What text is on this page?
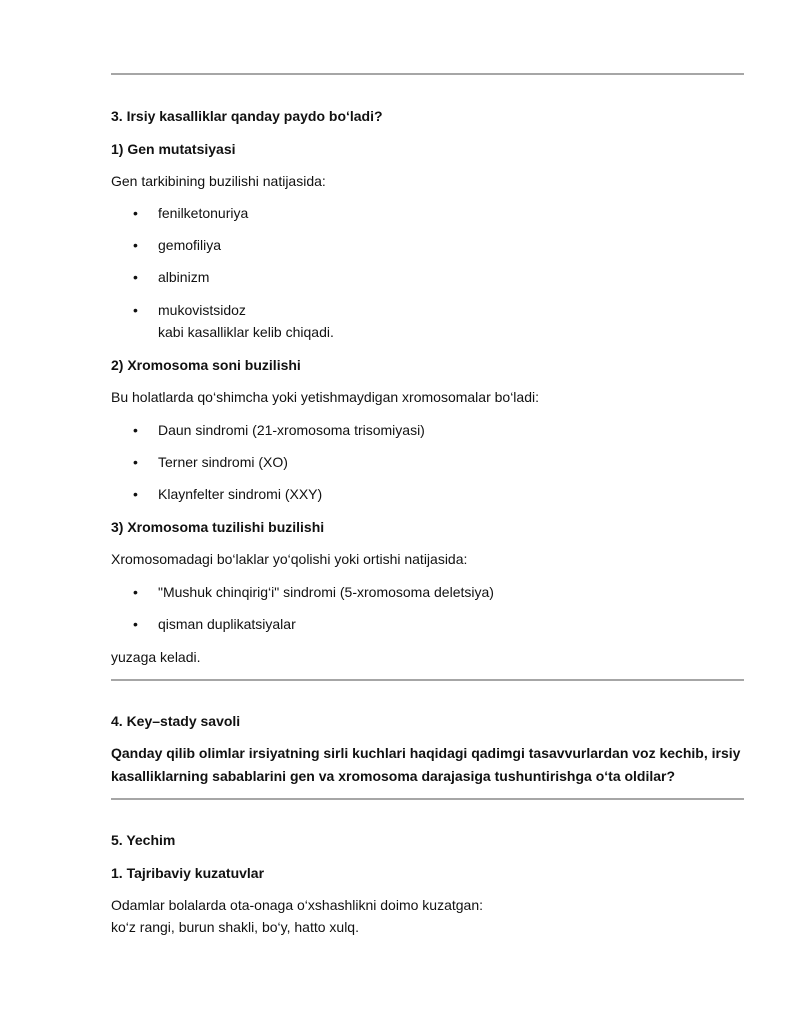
3. Irsiy kasalliklar qanday paydo bo‘ladi?
1) Gen mutatsiyasi
Gen tarkibining buzilishi natijasida:
• fenilketonuriya
• gemofiliya
• albinizm
• mukovistsidoz
kabi kasalliklar kelib chiqadi.
2) Xromosoma soni buzilishi
Bu holatlarda qo‘shimcha yoki yetishmaydigan xromosomalar bo‘ladi:
• Daun sindromi (21-xromosoma trisomiyasi)
• Terner sindromi (XO)
• Klaynfelter sindromi (XXY)
3) Xromosoma tuzilishi buzilishi
Xromosomadagi bo‘laklar yo‘qolishi yoki ortishi natijasida:
• "Mushuk chinqirig‘i" sindromi (5-xromosoma deletsiya)
• qisman duplikatsiyalar
yuzaga keladi.
4. Key–stady savoli
Qanday qilib olimlar irsiyatning sirli kuchlari haqidagi qadimgi tasavvurlardan voz kechib, irsiy kasalliklarning sabablarini gen va xromosoma darajasiga tushuntirishga o‘ta oldilar?
5. Yechim
1. Tajribaviy kuzatuvlar
Odamlar bolalarda ota-onaga o‘xshashlikni doimo kuzatgan:
ko‘z rangi, burun shakli, bo‘y, hatto xulq.
